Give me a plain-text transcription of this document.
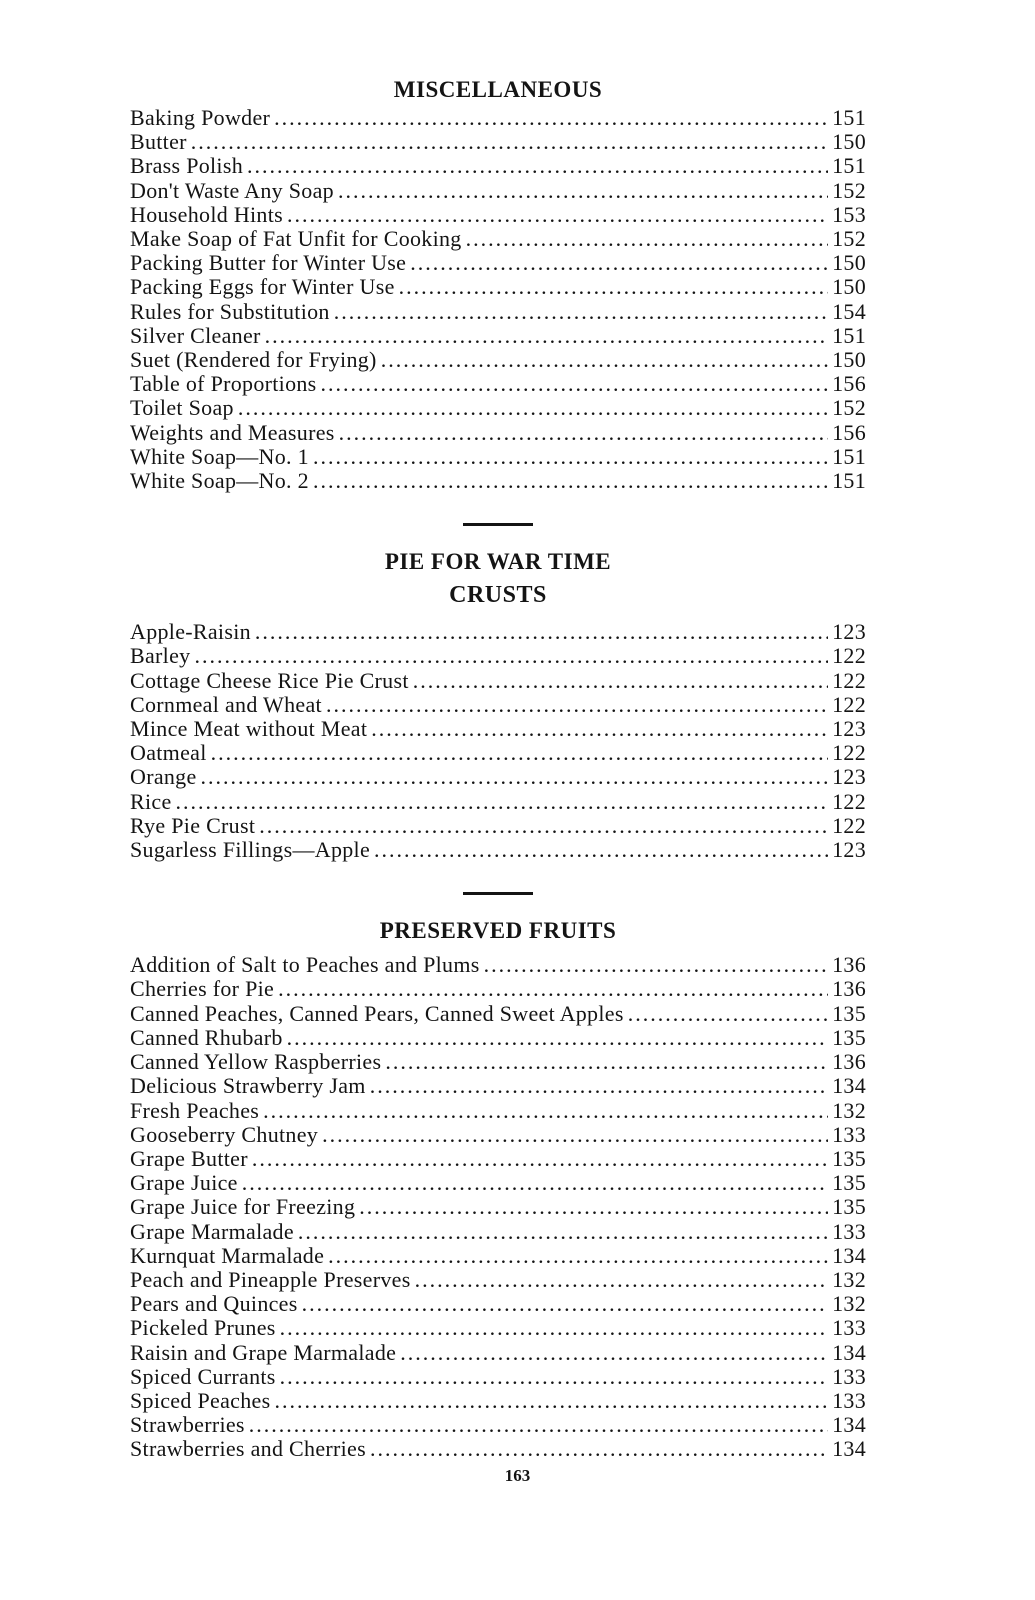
MISCELLANEOUS
Baking Powder .....	151
Butter .....	150
Brass Polish .....	151
Don't Waste Any Soap .....	152
Household Hints .....	153
Make Soap of Fat Unfit for Cooking .....	152
Packing Butter for Winter Use .....	150
Packing Eggs for Winter Use .....	150
Rules for Substitution .....	154
Silver Cleaner .....	151
Suet (Rendered for Frying) .....	150
Table of Proportions .....	156
Toilet Soap .....	152
Weights and Measures .....	156
White Soap—No. 1 .....	151
White Soap—No. 2 .....	151
PIE FOR WAR TIME
CRUSTS
Apple-Raisin .....	123
Barley .....	122
Cottage Cheese Rice Pie Crust .....	122
Cornmeal and Wheat .....	122
Mince Meat without Meat .....	123
Oatmeal .....	122
Orange .....	123
Rice .....	122
Rye Pie Crust .....	122
Sugarless Fillings—Apple .....	123
PRESERVED FRUITS
Addition of Salt to Peaches and Plums .....	136
Cherries for Pie .....	136
Canned Peaches, Canned Pears, Canned Sweet Apples .....	135
Canned Rhubarb .....	135
Canned Yellow Raspberries .....	136
Delicious Strawberry Jam .....	134
Fresh Peaches .....	132
Gooseberry Chutney .....	133
Grape Butter .....	135
Grape Juice .....	135
Grape Juice for Freezing .....	135
Grape Marmalade .....	133
Kurnquat Marmalade .....	134
Peach and Pineapple Preserves .....	132
Pears and Quinces .....	132
Pickeled Prunes .....	133
Raisin and Grape Marmalade .....	134
Spiced Currants .....	133
Spiced Peaches .....	133
Strawberries .....	134
Strawberries and Cherries .....	134
163
